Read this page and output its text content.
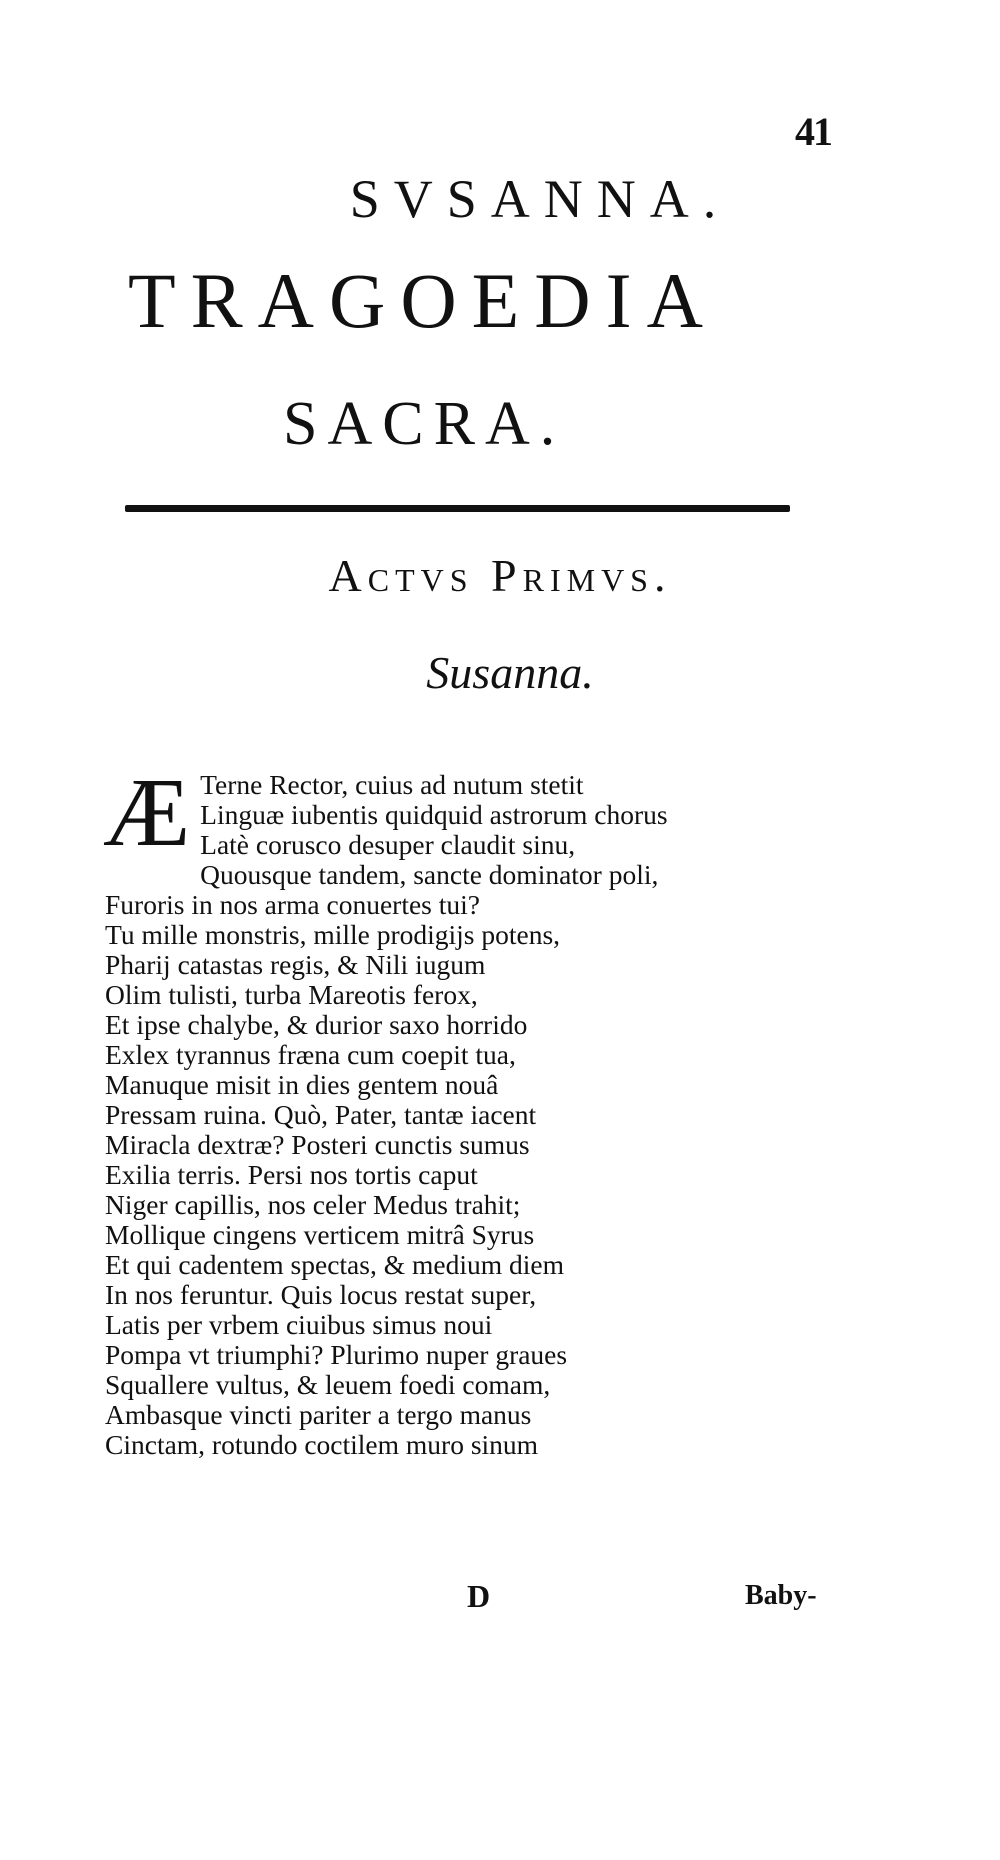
41
SVSANNA.
TRAGOEDIA
SACRA.
Actvs Primvs.
Susanna.
Æ Terne Rector, cuius ad nutum stetit
Linguæ iubentis quidquid astrorum chorus
Latè corusco desuper claudit sinu,
Quousque tandem, sancte dominator poli,
Furoris in nos arma conuertes tui?
Tu mille monstris, mille prodigijs potens,
Pharij catastas regis, & Nili iugum
Olim tulisti, turba Mareotis ferox,
Et ipse chalybe, & durior saxo horrido
Exlex tyrannus fræna cum coepit tua,
Manuque misit in dies gentem nouâ
Pressam ruina. Quò, Pater, tantæ iacent
Miracla dextræ? Posteri cunctis sumus
Exilia terris. Persi nos tortis caput
Niger capillis, nos celer Medus trahit;
Mollique cingens verticem mitrâ Syrus
Et qui cadentem spectas, & medium diem
In nos feruntur. Quis locus restat super,
Latis per vrbem ciuibus simus noui
Pompa vt triumphi? Plurimo nuper graues
Squallere vultus, & leuem foedi comam,
Ambasque vincti pariter a tergo manus
Cinctam, rotundo coctilem muro sinum
D	Baby-
